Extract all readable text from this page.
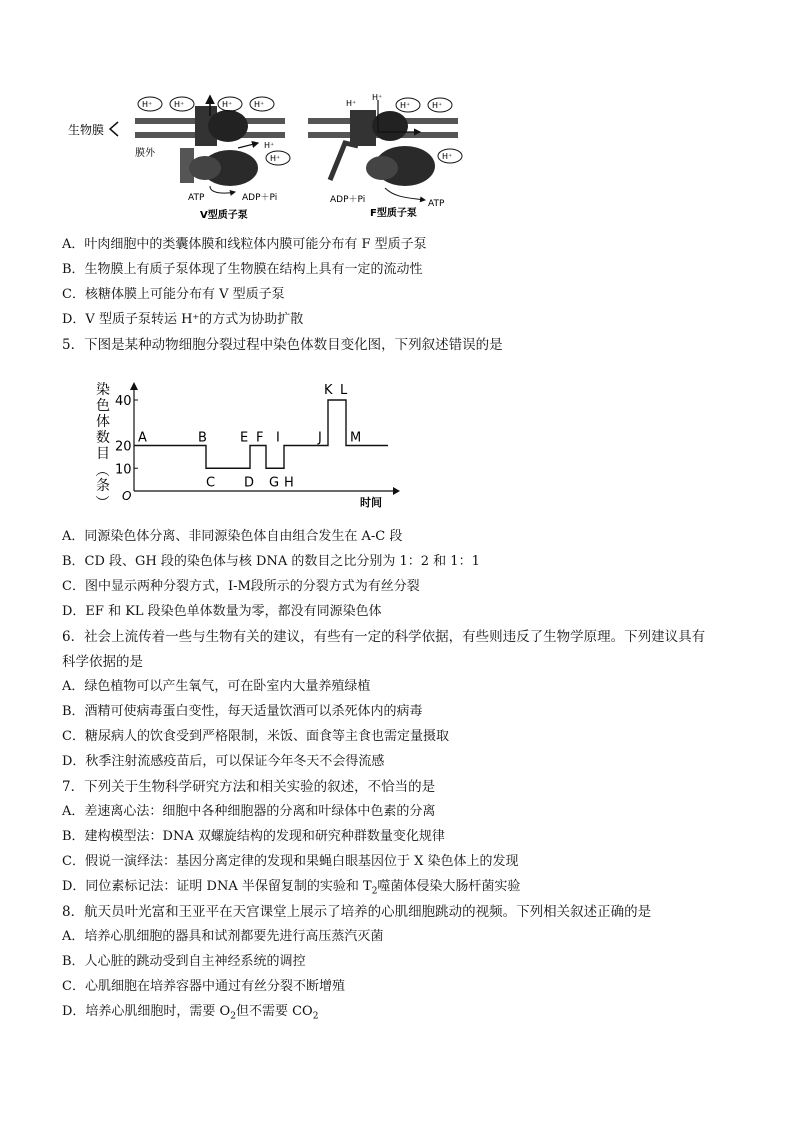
生物膜
膜外
H⁺	H⁺	H⁺	H⁺
H⁺
H⁺
ATP	ADP＋Pi
V型质子泵
H⁺
H⁺
H⁺	H⁺
H⁺
ADP＋Pi	ATP
F型质子泵
A．叶肉细胞中的类囊体膜和线粒体内膜可能分布有 F 型质子泵
B．生物膜上有质子泵体现了生物膜在结构上具有一定的流动性
C．核糖体膜上可能分布有 V 型质子泵
D．V 型质子泵转运 H⁺的方式为协助扩散
5．下图是某种动物细胞分裂过程中染色体数目变化图，下列叙述错误的是
染
色
体
数
目
（
条
） O	时间
10
20
40
A	B
C D
E F
G H
I	J
K L
M
A．同源染色体分离、非同源染色体自由组合发生在 A-C 段
B．CD 段、GH 段的染色体与核 DNA 的数目之比分别为 1：2 和 1：1
C．图中显示两种分裂方式，I-M段所示的分裂方式为有丝分裂
D．EF 和 KL 段染色单体数量为零，都没有同源染色体
6．社会上流传着一些与生物有关的建议，有些有一定的科学依据，有些则违反了生物学原理。下列建议具有
科学依据的是
A．绿色植物可以产生氧气，可在卧室内大量养殖绿植
B．酒精可使病毒蛋白变性，每天适量饮酒可以杀死体内的病毒
C．糖尿病人的饮食受到严格限制，米饭、面食等主食也需定量摄取
D．秋季注射流感疫苗后，可以保证今年冬天不会得流感
7．下列关于生物科学研究方法和相关实验的叙述，不恰当的是
A．差速离心法：细胞中各种细胞器的分离和叶绿体中色素的分离
B．建构模型法：DNA 双螺旋结构的发现和研究种群数量变化规律
C．假说一演绎法：基因分离定律的发现和果蝇白眼基因位于 X 染色体上的发现
D．同位素标记法：证明 DNA 半保留复制的实验和 $T_2$噬菌体侵染大肠杆菌实验
8．航天员叶光富和王亚平在天宫课堂上展示了培养的心肌细胞跳动的视频。下列相关叙述正确的是
A．培养心肌细胞的器具和试剂都要先进行高压蒸汽灭菌
B．人心脏的跳动受到自主神经系统的调控
C．心肌细胞在培养容器中通过有丝分裂不断增殖
D．培养心肌细胞时，需要 $O_2$但不需要 $CO_2$
